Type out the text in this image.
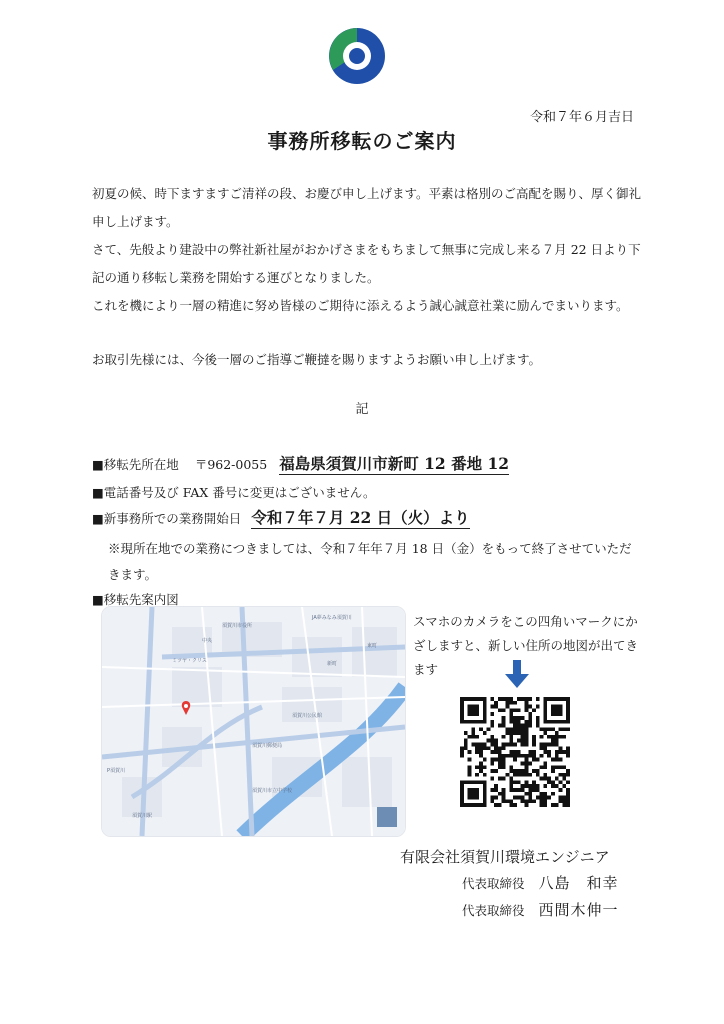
令和７年６月吉日
事務所移転のご案内
初夏の候、時下ますますご清祥の段、お慶び申し上げます。平素は格別のご高配を賜り、厚く御礼申し上げます。
さて、先般より建設中の弊社新社屋がおかげさまをもちまして無事に完成し来る７月 22 日より下記の通り移転し業務を開始する運びとなりました。
これを機により一層の精進に努め皆様のご期待に添えるよう誠心誠意社業に励んでまいります。
お取引先様には、今後一層のご指導ご鞭撻を賜りますようお願い申し上げます。
記
■移転先所在地 〒962-0055 福島県須賀川市新町 12 番地 12
■電話番号及び FAX 番号に変更はございません。
■新事務所での業務開始日 令和７年７月 22 日（火）より
※現所在地での業務につきましては、令和７年年７月 18 日（金）をもって終了させていただきます。
■移転先案内図
JA夢みなみ須賀川
須賀川市役所
須賀川公民館
新町
中央
須賀川郵便局
ミツヤ・クリス
東町
須賀川市立中学校
P須賀川
須賀川駅
スマホのカメラをこの四角いマークにかざしますと、新しい住所の地図が出てきます
有限会社須賀川環境エンジニア
代表取締役 八島　和幸
代表取締役 西間木伸一
